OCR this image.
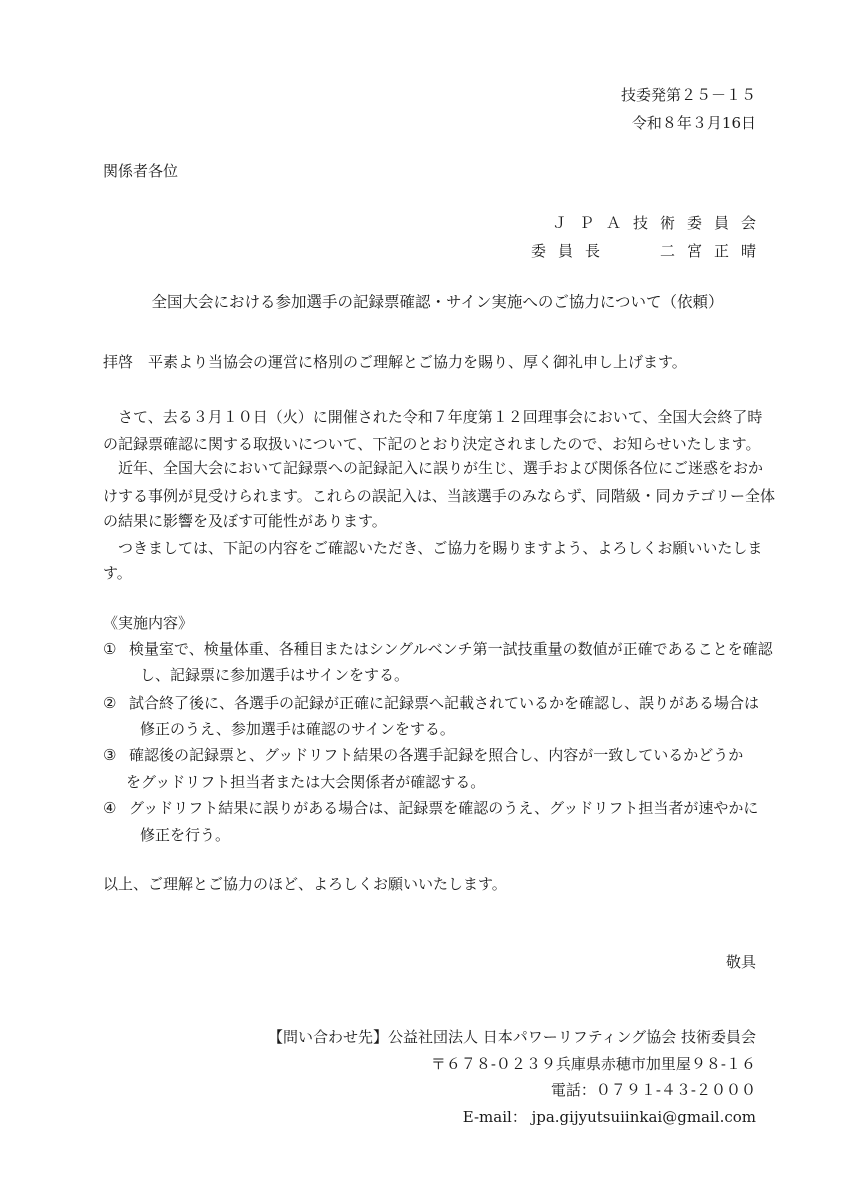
技委発第２５－１５
令和８年３月16日
関係者各位
ＪＰＡ技術委員会
委員長	二宮正晴
全国大会における参加選手の記録票確認・サイン実施へのご協力について（依頼）
拝啓　平素より当協会の運営に格別のご理解とご協力を賜り、厚く御礼申し上げます。
　さて、去る３月１０日（火）に開催された令和７年度第１２回理事会において、全国大会終了時
の記録票確認に関する取扱いについて、下記のとおり決定されましたので、お知らせいたします。
　近年、全国大会において記録票への記録記入に誤りが生じ、選手および関係各位にご迷惑をおか
けする事例が見受けられます。これらの誤記入は、当該選手のみならず、同階級・同カテゴリー全体
の結果に影響を及ぼす可能性があります。
　つきましては、下記の内容をご確認いただき、ご協力を賜りますよう、よろしくお願いいたしま
す。
《実施内容》
① 検量室で、検量体重、各種目またはシングルベンチ第一試技重量の数値が正確であることを確認
し、記録票に参加選手はサインをする。
② 試合終了後に、各選手の記録が正確に記録票へ記載されているかを確認し、誤りがある場合は
修正のうえ、参加選手は確認のサインをする。
③ 確認後の記録票と、グッドリフト結果の各選手記録を照合し、内容が一致しているかどうか
をグッドリフト担当者または大会関係者が確認する。
④ グッドリフト結果に誤りがある場合は、記録票を確認のうえ、グッドリフト担当者が速やかに
修正を行う。
以上、ご理解とご協力のほど、よろしくお願いいたします。
敬具
【問い合わせ先】公益社団法人 日本パワーリフティング協会 技術委員会
〒６７８-０２３９兵庫県赤穂市加里屋９８-１６
電話：０７９１-４３-２０００
E-mail： jpa.gijyutsuiinkai@gmail.com
